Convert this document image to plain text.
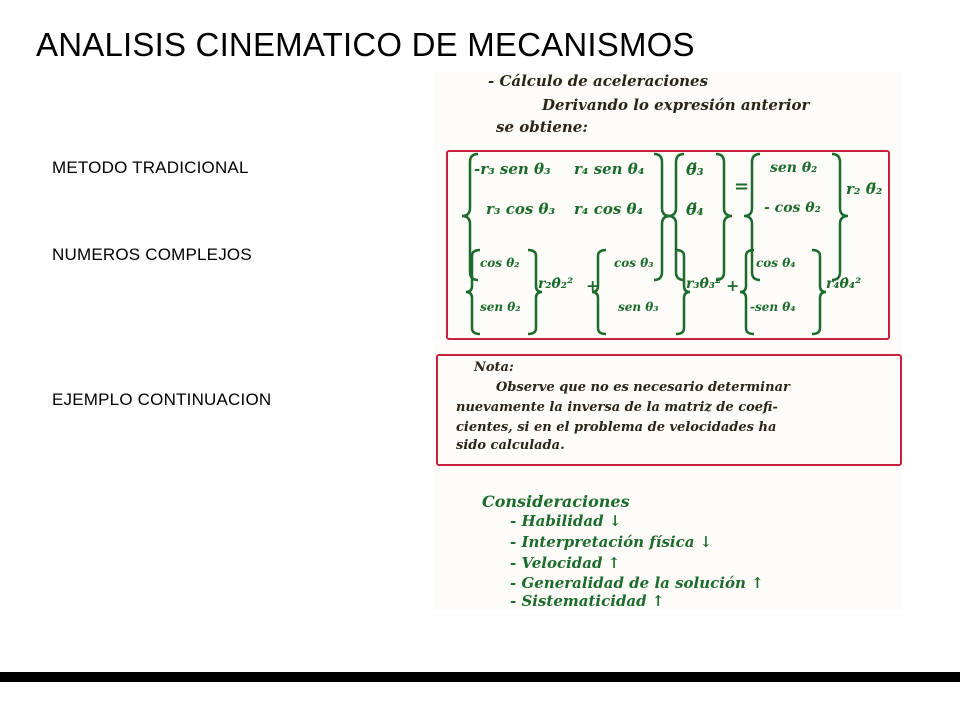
ANALISIS CINEMATICO DE MECANISMOS
METODO TRADICIONAL
NUMEROS COMPLEJOS
EJEMPLO CONTINUACION
- Cálculo de aceleraciones
Derivando lo expresión anterior
se obtiene:
-r₃ sen θ₃ r₄ sen θ₄
r₃ cos θ₃ r₄ cos θ₄
θ̈₃
θ̈₄
=
sen θ₂
- cos θ₂
r₂ θ̈₂
cos θ₂
sen θ₂
r₂θ̇₂² +
cos θ₃
sen θ₃
r₃θ̇₃² +
cos θ₄
-sen θ₄
r₄θ̇₄²
Nota:
Observe que no es necesario determinar
nuevamente la inversa de la matriz de coefi-
cientes, si en el problema de velocidades ha
sido calculada.
Consideraciones
- Habilidad ↓
- Interpretación física ↓
- Velocidad ↑
- Generalidad de la solución ↑
- Sistematicidad ↑
